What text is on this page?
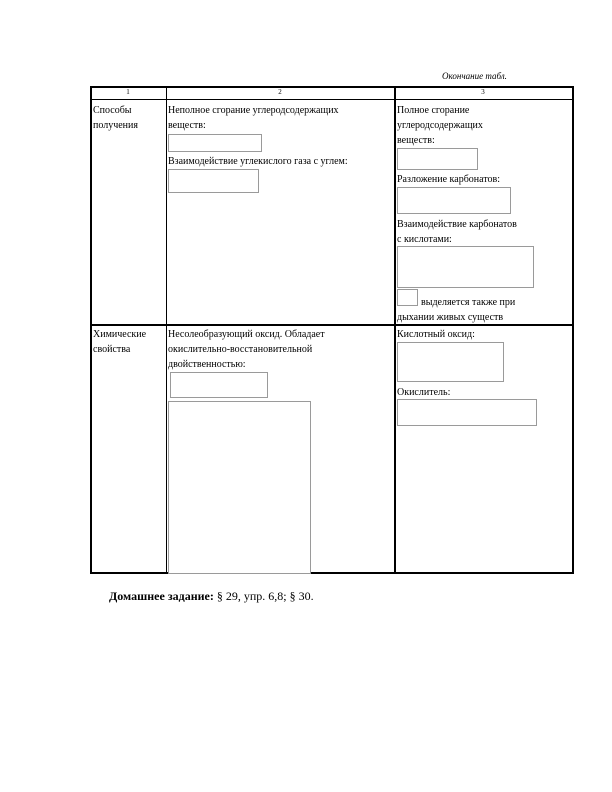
Окончание табл.
1	2	3
Способы
получения
Неполное сгорание углеродсодержащих
веществ:
Взаимодействие углекислого газа с углем:
Полное сгорание
углеродсодержащих
веществ:
Разложение карбонатов:
Взаимодействие карбонатов
с кислотами:
выделяется также при
дыхании живых существ
Химические
свойства
Несолеобразующий оксид. Обладает
окислительно-восстановительной
двойственностью:
Кислотный оксид:
Окислитель:
Домашнее задание: § 29, упр. 6,8; § 30.
